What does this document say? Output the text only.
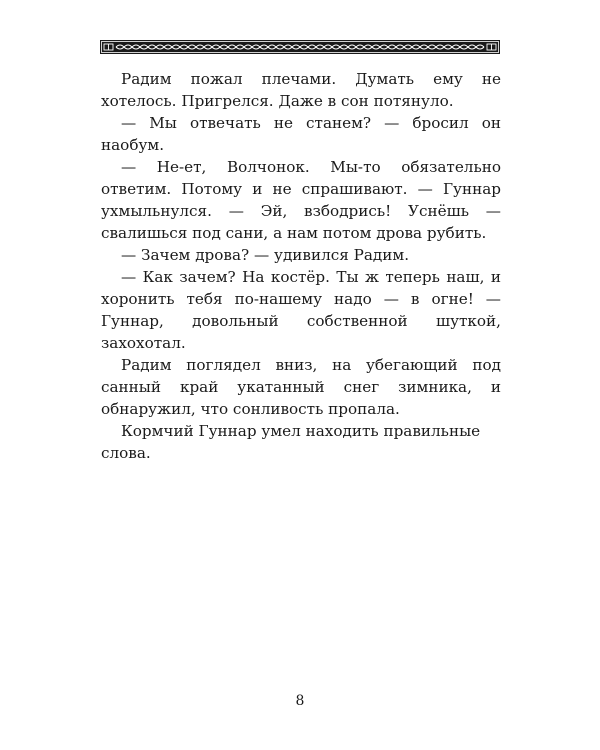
Радим пожал плечами. Думать ему не хотелось. Пригрелся. Даже в сон потянуло.

— Мы отвечать не станем? — бросил он наобум.

— Не-ет, Волчонок. Мы-то обязательно ответим. Потому и не спрашивают. — Гуннар ухмыльнулся. — Эй, взбодрись! Уснёшь — свалишься под сани, а нам потом дрова рубить.

— Зачем дрова? — удивился Радим.

— Как зачем? На костёр. Ты ж теперь наш, и хоронить тебя по-нашему надо — в огне! — Гуннар, довольный собственной шуткой, захохотал.

Радим поглядел вниз, на убегающий под санный край укатанный снег зимника, и обнаружил, что сонливость пропала.

Кормчий Гуннар умел находить правильные слова.

8
